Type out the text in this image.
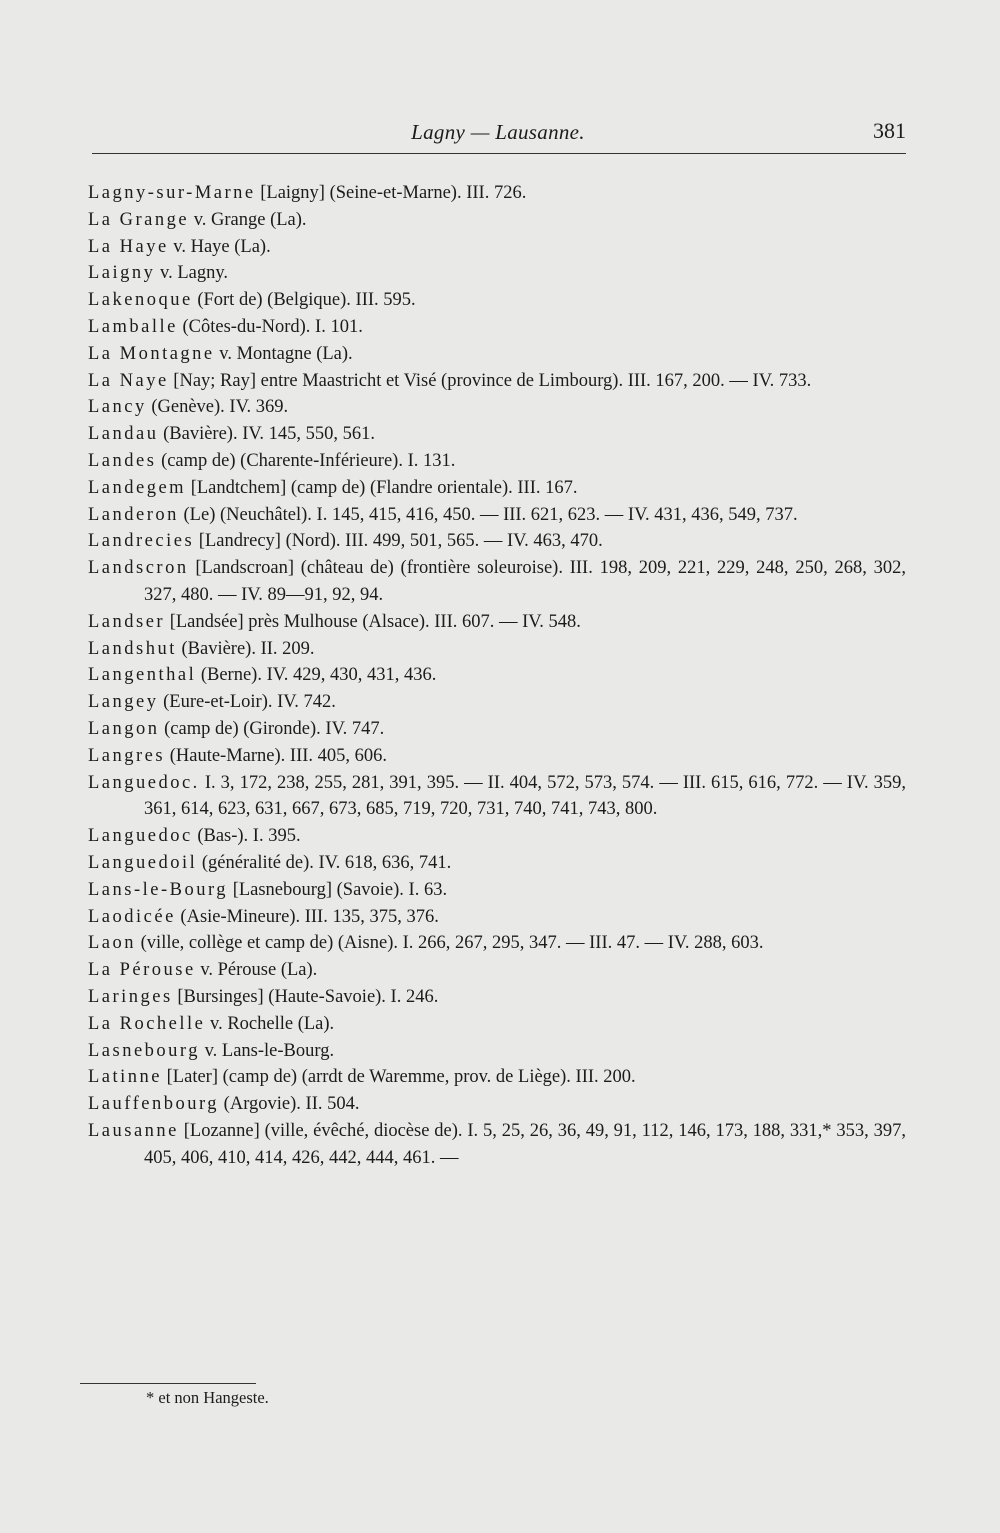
Lagny — Lausanne.	381
Lagny-sur-Marne [Laigny] (Seine-et-Marne). III. 726.
La Grange v. Grange (La).
La Haye v. Haye (La).
Laigny v. Lagny.
Lakenoque (Fort de) (Belgique). III. 595.
Lamballe (Côtes-du-Nord). I. 101.
La Montagne v. Montagne (La).
La Naye [Nay; Ray] entre Maastricht et Visé (province de Limbourg). III. 167, 200. — IV. 733.
Lancy (Genève). IV. 369.
Landau (Bavière). IV. 145, 550, 561.
Landes (camp de) (Charente-Inférieure). I. 131.
Landegem [Landtchem] (camp de) (Flandre orientale). III. 167.
Landeron (Le) (Neuchâtel). I. 145, 415, 416, 450. — III. 621, 623. — IV. 431, 436, 549, 737.
Landrecies [Landrecy] (Nord). III. 499, 501, 565. — IV. 463, 470.
Landscron [Landscroan] (château de) (frontière soleuroise). III. 198, 209, 221, 229, 248, 250, 268, 302, 327, 480. — IV. 89—91, 92, 94.
Landser [Landsée] près Mulhouse (Alsace). III. 607. — IV. 548.
Landshut (Bavière). II. 209.
Langenthal (Berne). IV. 429, 430, 431, 436.
Langey (Eure-et-Loir). IV. 742.
Langon (camp de) (Gironde). IV. 747.
Langres (Haute-Marne). III. 405, 606.
Languedoc. I. 3, 172, 238, 255, 281, 391, 395. — II. 404, 572, 573, 574. — III. 615, 616, 772. — IV. 359, 361, 614, 623, 631, 667, 673, 685, 719, 720, 731, 740, 741, 743, 800.
Languedoc (Bas-). I. 395.
Languedoil (généralité de). IV. 618, 636, 741.
Lans-le-Bourg [Lasnebourg] (Savoie). I. 63.
Laodicée (Asie-Mineure). III. 135, 375, 376.
Laon (ville, collège et camp de) (Aisne). I. 266, 267, 295, 347. — III. 47. — IV. 288, 603.
La Pérouse v. Pérouse (La).
Laringes [Bursinges] (Haute-Savoie). I. 246.
La Rochelle v. Rochelle (La).
Lasnebourg v. Lans-le-Bourg.
Latinne [Later] (camp de) (arrdt de Waremme, prov. de Liège). III. 200.
Lauffenbourg (Argovie). II. 504.
Lausanne [Lozanne] (ville, évêché, diocèse de). I. 5, 25, 26, 36, 49, 91, 112, 146, 173, 188, 331,* 353, 397, 405, 406, 410, 414, 426, 442, 444, 461. —
* et non Hangeste.
